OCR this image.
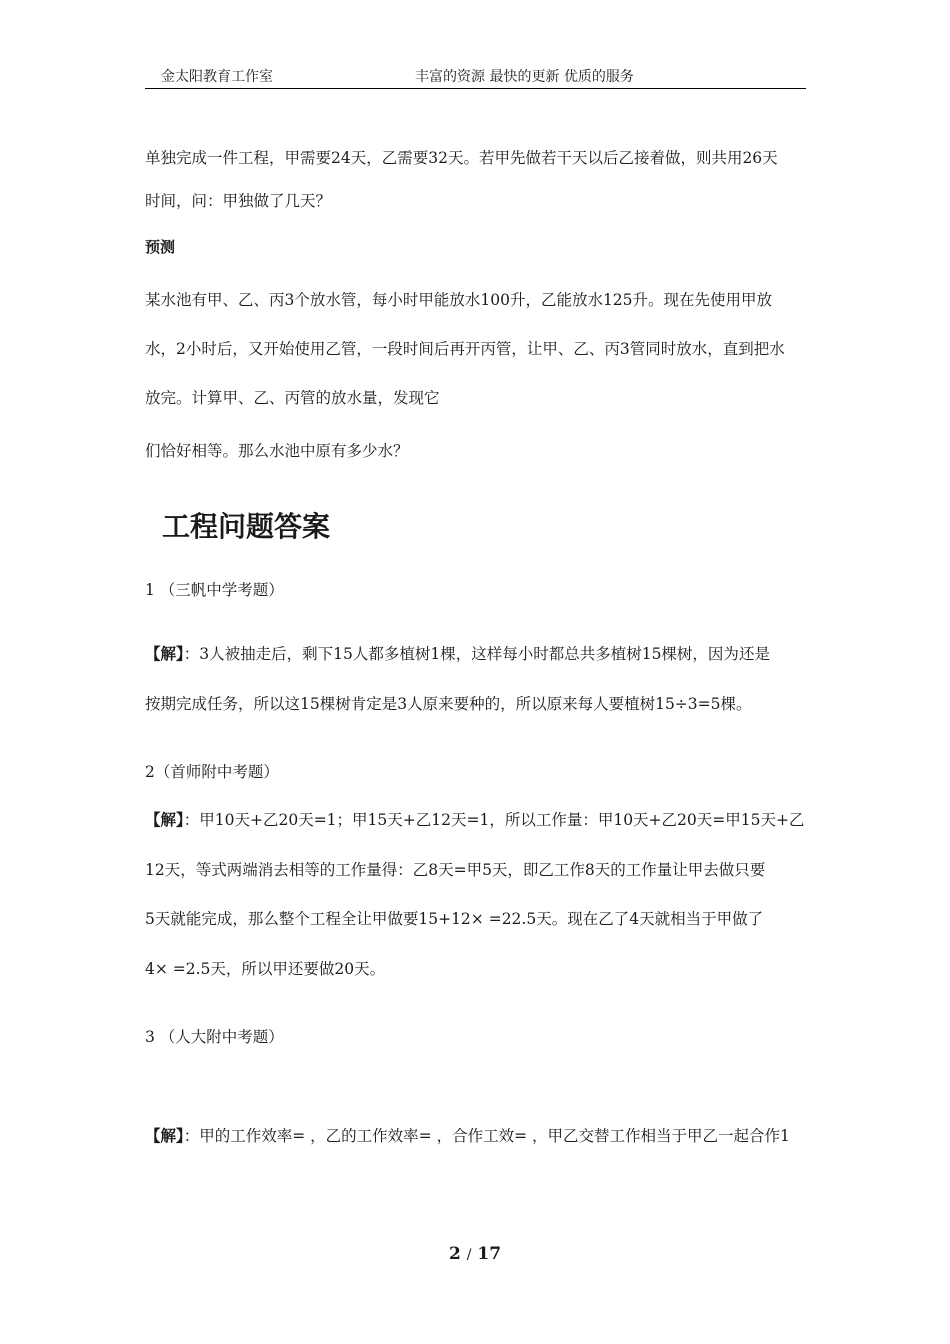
金太阳教育工作室	丰富的资源 最快的更新 优质的服务
单独完成一件工程，甲需要24天，乙需要32天。若甲先做若干天以后乙接着做，则共用26天
时间，问：甲独做了几天？
预测
某水池有甲、乙、丙3个放水管，每小时甲能放水100升，乙能放水125升。现在先使用甲放
水，2小时后，又开始使用乙管，一段时间后再开丙管，让甲、乙、丙3管同时放水，直到把水
放完。计算甲、乙、丙管的放水量，发现它
们恰好相等。那么水池中原有多少水？
工程问题答案
1 （三帆中学考题）
【解】：3人被抽走后，剩下15人都多植树1棵，这样每小时都总共多植树15棵树，因为还是
按期完成任务，所以这15棵树肯定是3人原来要种的，所以原来每人要植树15÷3=5棵。
2（首师附中考题）
【解】：甲10天+乙20天=1；甲15天+乙12天=1，所以工作量：甲10天+乙20天=甲15天+乙
12天，等式两端消去相等的工作量得：乙8天=甲5天，即乙工作8天的工作量让甲去做只要
5天就能完成，那么整个工程全让甲做要15+12× =22.5天。现在乙了4天就相当于甲做了
4× =2.5天，所以甲还要做20天。
3 （人大附中考题）
【解】：甲的工作效率= ，乙的工作效率= ，合作工效= ，甲乙交替工作相当于甲乙一起合作1
2 / 17
